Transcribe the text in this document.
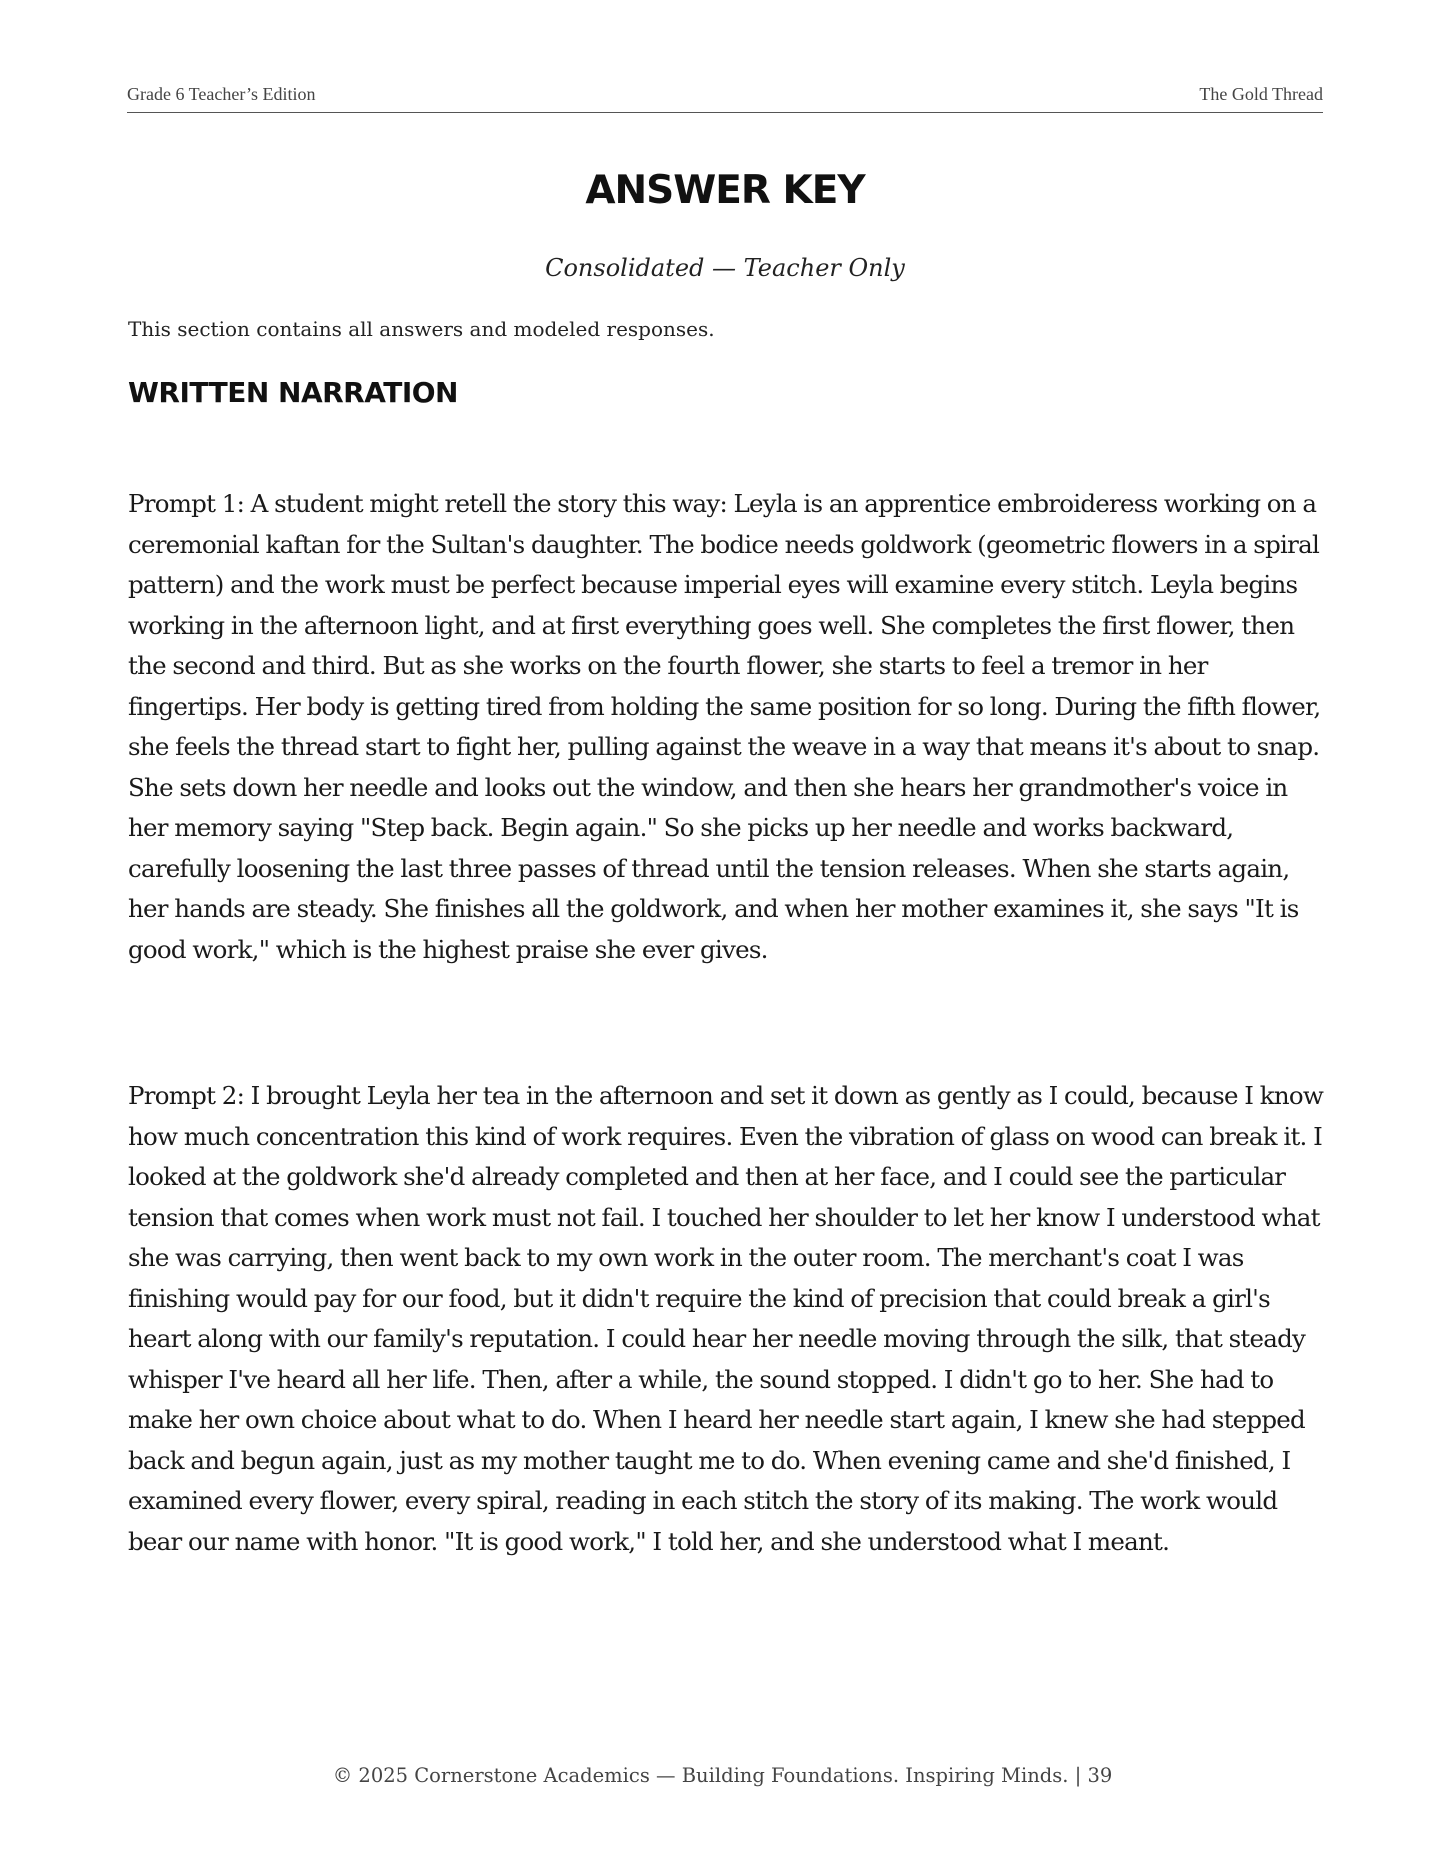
Grade 6 Teacher’s Edition	The Gold Thread
ANSWER KEY
Consolidated — Teacher Only
This section contains all answers and modeled responses.
WRITTEN NARRATION

Prompt 1: A student might retell the story this way: Leyla is an apprentice embroideress working on a ceremonial kaftan for the Sultan's daughter. The bodice needs goldwork (geometric flowers in a spiral pattern) and the work must be perfect because imperial eyes will examine every stitch. Leyla begins working in the afternoon light, and at first everything goes well. She completes the first flower, then the second and third. But as she works on the fourth flower, she starts to feel a tremor in her fingertips. Her body is getting tired from holding the same position for so long. During the fifth flower, she feels the thread start to fight her, pulling against the weave in a way that means it's about to snap. She sets down her needle and looks out the window, and then she hears her grandmother's voice in her memory saying "Step back. Begin again." So she picks up her needle and works backward, carefully loosening the last three passes of thread until the tension releases. When she starts again, her hands are steady. She finishes all the goldwork, and when her mother examines it, she says "It is good work," which is the highest praise she ever gives.

Prompt 2: I brought Leyla her tea in the afternoon and set it down as gently as I could, because I know how much concentration this kind of work requires. Even the vibration of glass on wood can break it. I looked at the goldwork she'd already completed and then at her face, and I could see the particular tension that comes when work must not fail. I touched her shoulder to let her know I understood what she was carrying, then went back to my own work in the outer room. The merchant's coat I was finishing would pay for our food, but it didn't require the kind of precision that could break a girl's heart along with our family's reputation. I could hear her needle moving through the silk, that steady whisper I've heard all her life. Then, after a while, the sound stopped. I didn't go to her. She had to make her own choice about what to do. When I heard her needle start again, I knew she had stepped back and begun again, just as my mother taught me to do. When evening came and she'd finished, I examined every flower, every spiral, reading in each stitch the story of its making. The work would bear our name with honor. "It is good work," I told her, and she understood what I meant.

© 2025 Cornerstone Academics — Building Foundations. Inspiring Minds. | 39
